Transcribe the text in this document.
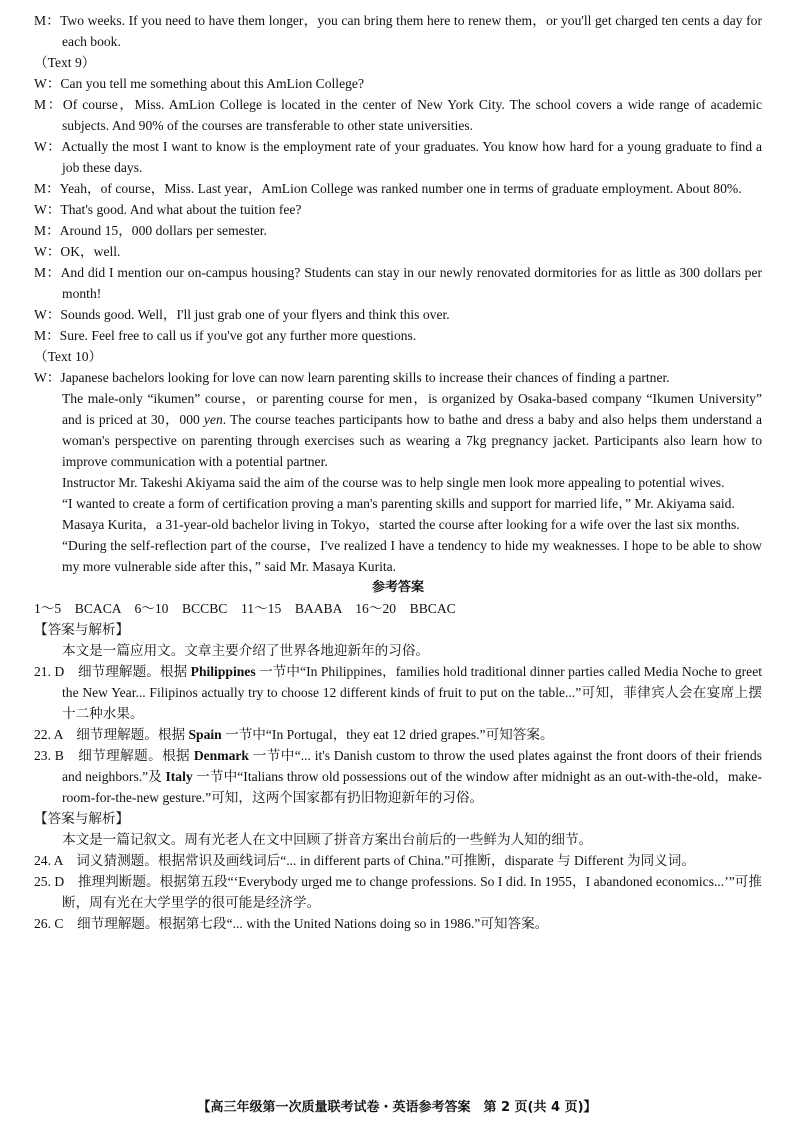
M：Two weeks. If you need to have them longer，you can bring them here to renew them，or you'll get charged ten cents a day for each book.
（Text 9）
W：Can you tell me something about this AmLion College?
M：Of course，Miss. AmLion College is located in the center of New York City. The school covers a wide range of academic subjects. And 90% of the courses are transferable to other state universities.
W：Actually the most I want to know is the employment rate of your graduates. You know how hard for a young graduate to find a job these days.
M：Yeah，of course，Miss. Last year，AmLion College was ranked number one in terms of graduate employment. About 80%.
W：That's good. And what about the tuition fee?
M：Around 15，000 dollars per semester.
W：OK，well.
M：And did I mention our on-campus housing? Students can stay in our newly renovated dormitories for as little as 300 dollars per month!
W：Sounds good. Well，I'll just grab one of your flyers and think this over.
M：Sure. Feel free to call us if you've got any further more questions.
（Text 10）
W：Japanese bachelors looking for love can now learn parenting skills to increase their chances of finding a partner.
The male-only “ikumen” course，or parenting course for men，is organized by Osaka-based company “Ikumen University” and is priced at 30，000 yen. The course teaches participants how to bathe and dress a baby and also helps them understand a woman's perspective on parenting through exercises such as wearing a 7kg pregnancy jacket. Participants also learn how to improve communication with a potential partner.
Instructor Mr. Takeshi Akiyama said the aim of the course was to help single men look more appealing to potential wives.
“I wanted to create a form of certification proving a man's parenting skills and support for married life，” Mr. Akiyama said.
Masaya Kurita，a 31-year-old bachelor living in Tokyo，started the course after looking for a wife over the last six months.
“During the self-reflection part of the course，I've realized I have a tendency to hide my weaknesses. I hope to be able to show my more vulnerable side after this，” said Mr. Masaya Kurita.
参考答案
1～5　BCACA　6～10　BCCBC　11～15　BAABA　16～20　BBCAC
【答案与解析】
本文是一篇应用文。文章主要介绍了世界各地迎新年的习俗。
21. D　细节理解题。根据 Philippines 一节中“In Philippines，families hold traditional dinner parties called Media Noche to greet the New Year... Filipinos actually try to choose 12 different kinds of fruit to put on the table...”可知，菲律宾人会在宴席上摆十二种水果。
22. A　细节理解题。根据 Spain 一节中“In Portugal，they eat 12 dried grapes.”可知答案。
23. B　细节理解题。根据 Denmark 一节中“... it's Danish custom to throw the used plates against the front doors of their friends and neighbors.”及 Italy 一节中“Italians throw old possessions out of the window after midnight as an out-with-the-old，make-room-for-the-new gesture.”可知，这两个国家都有扔旧物迎新年的习俗。
【答案与解析】
本文是一篇记叙文。周有光老人在文中回顾了拼音方案出台前后的一些鲜为人知的细节。
24. A　词义猜测题。根据常识及画线词后“... in different parts of China.”可推断，disparate 与 Different 为同义词。
25. D　推理判断题。根据第五段“‘Everybody urged me to change professions. So I did. In 1955，I abandoned economics...’”可推断，周有光在大学里学的很可能是经济学。
26. C　细节理解题。根据第七段“... with the United Nations doing so in 1986.”可知答案。
【高三年级第一次质量联考试卷・英语参考答案　第 2 页(共 4 页)】
